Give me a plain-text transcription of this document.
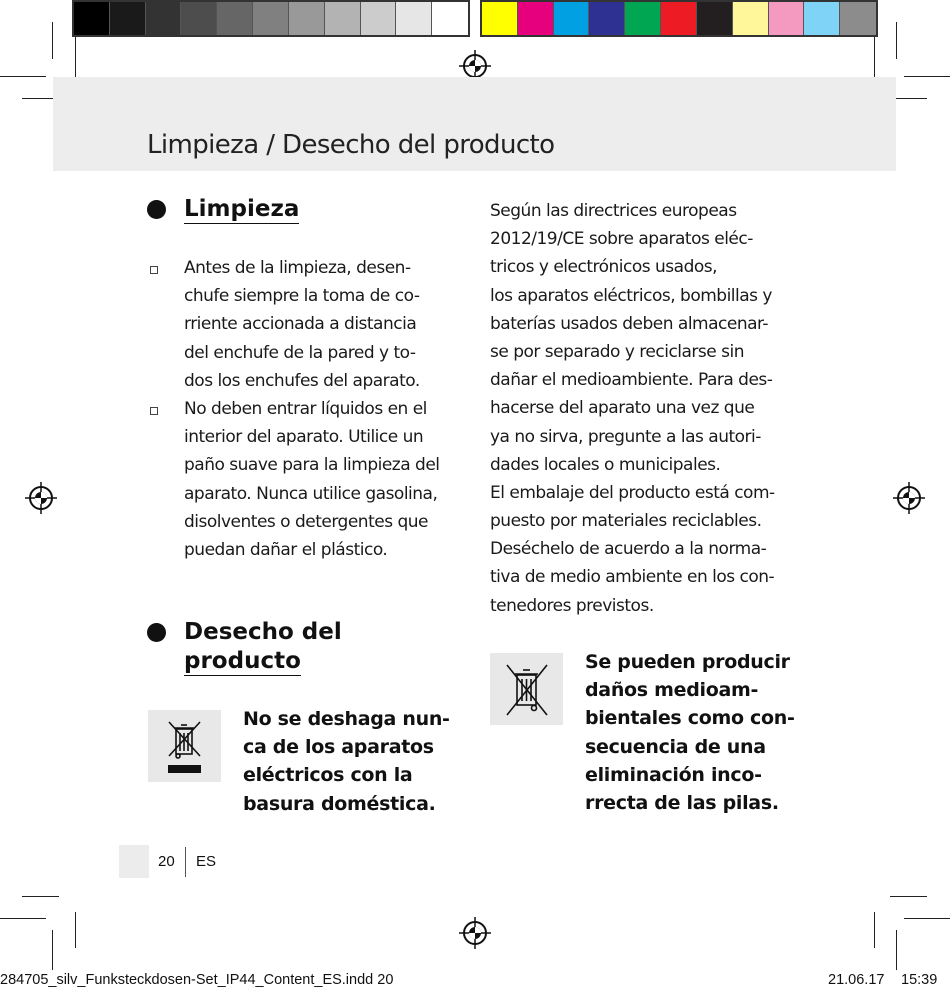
Limpieza / Desecho del producto
Limpieza
Antes de la limpieza, desen-
chufe siempre la toma de co-
rriente accionada a distancia
del enchufe de la pared y to-
dos los enchufes del aparato.
No deben entrar líquidos en el
interior del aparato. Utilice un
paño suave para la limpieza del
aparato. Nunca utilice gasolina,
disolventes o detergentes que
puedan dañar el plástico.
Desecho del
producto
No se deshaga nun-
ca de los aparatos
eléctricos con la
basura doméstica.
Según las directrices europeas
2012/19/CE sobre aparatos eléc-
tricos y electrónicos usados,
los aparatos eléctricos, bombillas y
baterías usados deben almacenar-
se por separado y reciclarse sin
dañar el medioambiente. Para des-
hacerse del aparato una vez que
ya no sirva, pregunte a las autori-
dades locales o municipales.
El embalaje del producto está com-
puesto por materiales reciclables.
Deséchelo de acuerdo a la norma-
tiva de medio ambiente en los con-
tenedores previstos.
Se pueden producir
daños medioam-
bientales como con-
secuencia de una
eliminación inco-
rrecta de las pilas.
20 ES
284705_silv_Funksteckdosen-Set_IP44_Content_ES.indd 20	21.06.17 15:39
